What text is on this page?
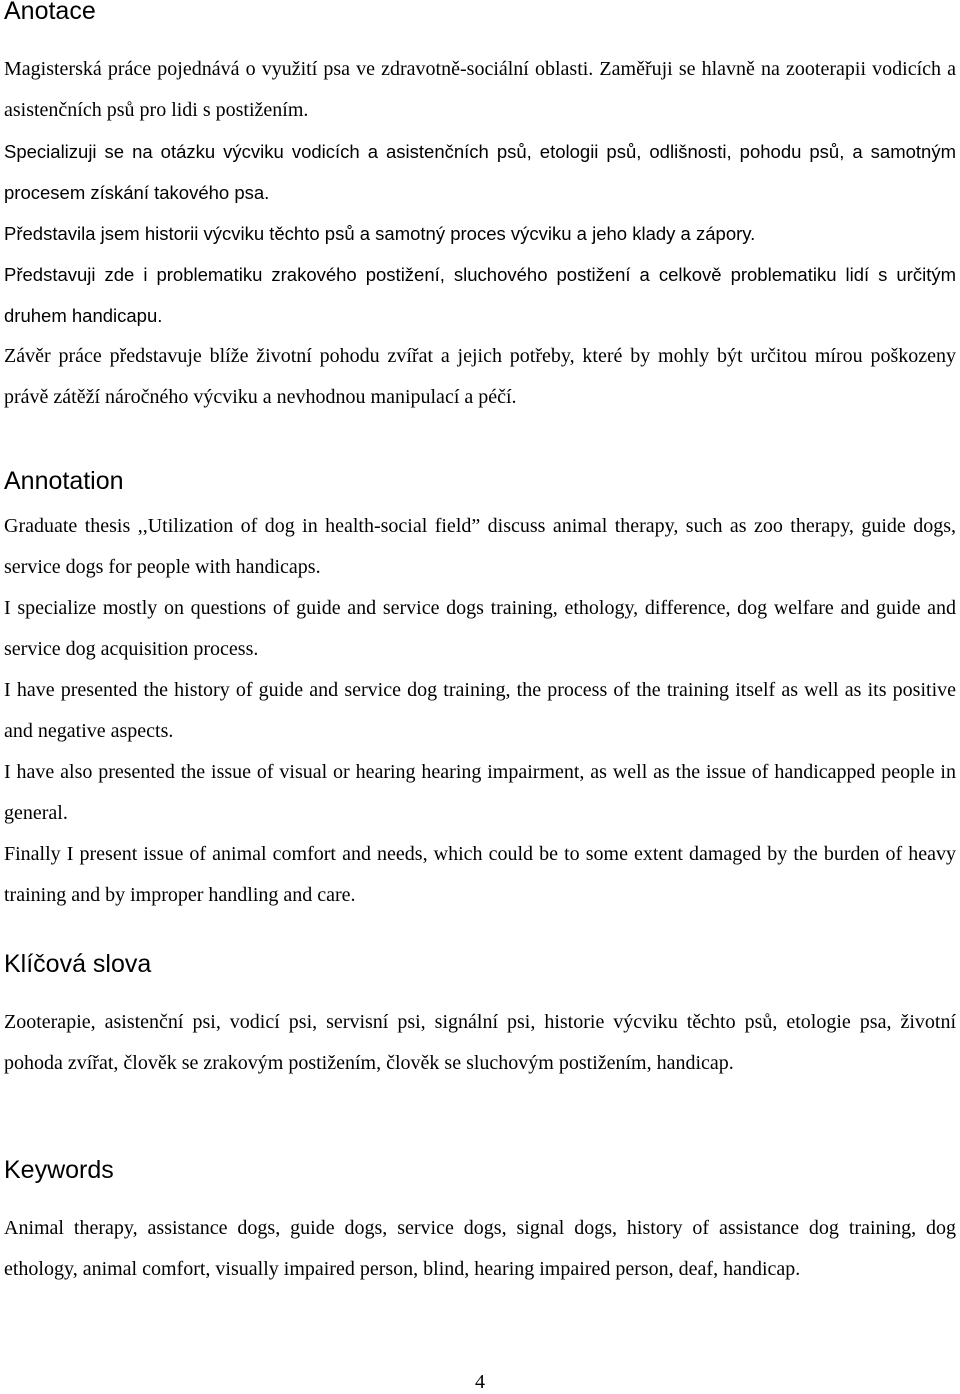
Anotace

Magisterská práce pojednává o využití psa ve zdravotně-sociální oblasti. Zaměřuji se hlavně na zooterapii vodicích a asistenčních psů pro lidi s postižením.

Specializuji se na otázku výcviku vodicích a asistenčních psů, etologii psů, odlišnosti, pohodu psů, a samotným procesem získání takového psa.

Představila jsem historii výcviku těchto psů a samotný proces výcviku a jeho klady a zápory.

Představuji zde i problematiku zrakového postižení, sluchového postižení a celkově problematiku lidí s určitým druhem handicapu.

Závěr práce představuje blíže životní pohodu zvířat a jejich potřeby, které by mohly být určitou mírou poškozeny právě zátěží náročného výcviku a nevhodnou manipulací a péčí.

Annotation

Graduate thesis ,,Utilization of dog in health-social field” discuss animal therapy, such as zoo therapy, guide dogs, service dogs for people with handicaps.

I specialize mostly on questions of guide and service dogs training, ethology, difference, dog welfare and guide and service dog acquisition process.

I have presented the history of guide and service dog training, the process of the training itself as well as its positive and negative aspects.

I have also presented the issue of visual or hearing hearing impairment, as well as the issue of handicapped people in general.

Finally I present issue of animal comfort and needs, which could be to some extent damaged by the burden of heavy training and by improper handling and care.

Klíčová slova

Zooterapie, asistenční psi, vodicí psi, servisní psi, signální psi, historie výcviku těchto psů, etologie psa, životní pohoda zvířat, člověk se zrakovým postižením, člověk se sluchovým postižením, handicap.

Keywords

Animal therapy, assistance dogs, guide dogs, service dogs, signal dogs, history of assistance dog training, dog ethology, animal comfort, visually impaired person, blind, hearing impaired person, deaf, handicap.

4
